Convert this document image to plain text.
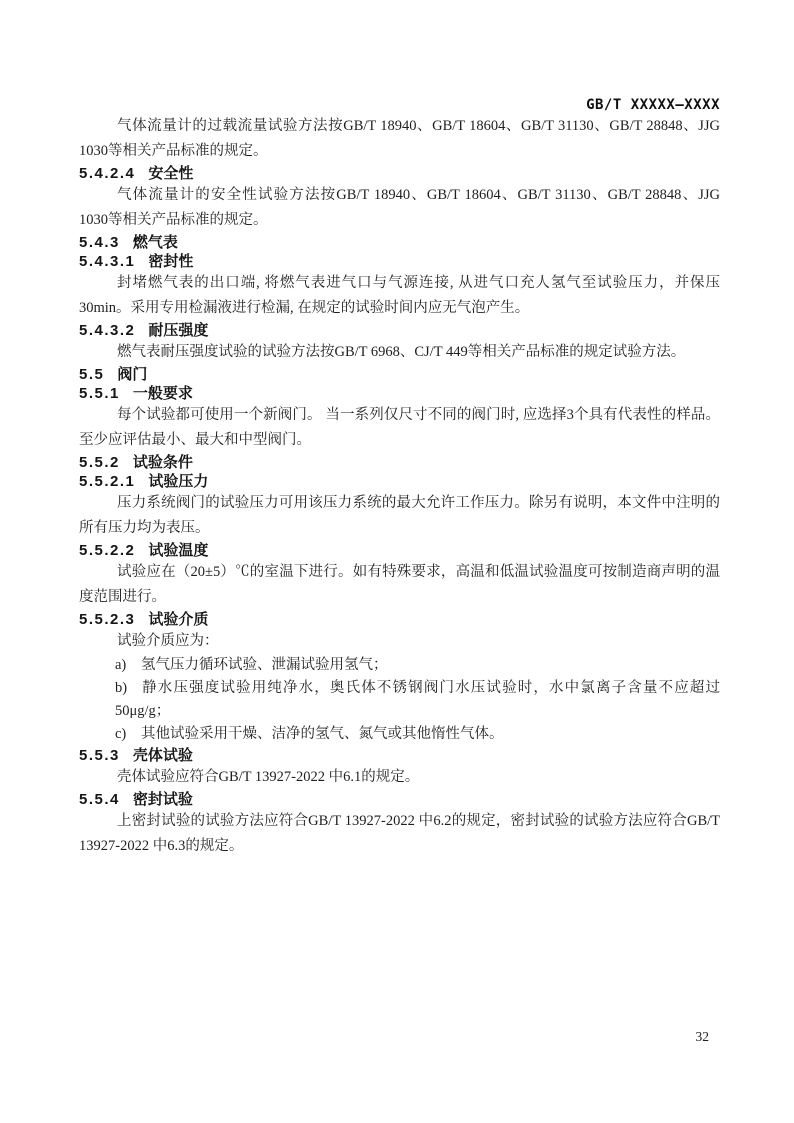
GB/T XXXXX—XXXX

气体流量计的过载流量试验方法按GB/T 18940、GB/T 18604、GB/T 31130、GB/T 28848、JJG 1030等相关产品标准的规定。

5.4.2.4 安全性

气体流量计的安全性试验方法按GB/T 18940、GB/T 18604、GB/T 31130、GB/T 28848、JJG 1030等相关产品标准的规定。

5.4.3 燃气表
5.4.3.1 密封性

封堵燃气表的出口端, 将燃气表进气口与气源连接, 从进气口充人氢气至试验压力，并保压30min。采用专用检漏液进行检漏, 在规定的试验时间内应无气泡产生。

5.4.3.2 耐压强度

燃气表耐压强度试验的试验方法按GB/T 6968、CJ/T 449等相关产品标准的规定试验方法。

5.5 阀门
5.5.1 一般要求

每个试验都可使用一个新阀门。 当一系列仅尺寸不同的阀门时, 应选择3个具有代表性的样品。 至少应评估最小、最大和中型阀门。

5.5.2 试验条件
5.5.2.1 试验压力

压力系统阀门的试验压力可用该压力系统的最大允许工作压力。除另有说明，本文件中注明的所有压力均为表压。

5.5.2.2 试验温度

试验应在（20±5）℃的室温下进行。如有特殊要求，高温和低温试验温度可按制造商声明的温度范围进行。

5.5.2.3 试验介质

试验介质应为：

a) 氢气压力循环试验、泄漏试验用氢气；
b) 静水压强度试验用纯净水，奥氏体不锈钢阀门水压试验时，水中氯离子含量不应超过50μg/g；
c) 其他试验采用干燥、洁净的氢气、氮气或其他惰性气体。
5.5.3 壳体试验

壳体试验应符合GB/T 13927-2022 中6.1的规定。

5.5.4 密封试验

上密封试验的试验方法应符合GB/T 13927-2022 中6.2的规定，密封试验的试验方法应符合GB/T 13927-2022 中6.3的规定。

32
